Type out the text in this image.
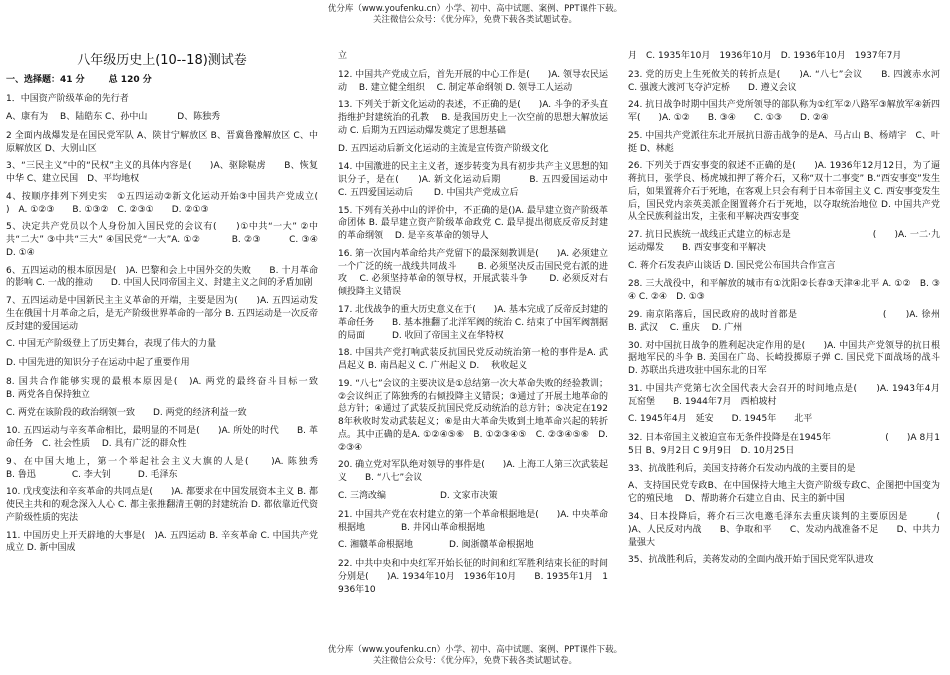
优分库（www.youfenku.cn）小学、初中、高中试题、案例、PPT课件下载。
关注微信公众号：《优分库》，免费下载各类试题试卷。
八年级历史上(10--18)测试卷
一、选择题：41 分	总 120 分
1．中国资产阶级革命的先行者
A、康有为　 B、陆皓东 C、孙中山　　　 D、陈独秀
2 全面内战爆发是在国民党军队 A、陕甘宁解放区 B、晋冀鲁豫解放区 C、中原解放区 D、大别山区
3、“三民主义”中的“民权”主义的具体内容是(　　)A、驱除鞑虏　　B、恢复中华 C、建立民国　D、平均地权
4、按顺序排列下列史实　①五四运动②新文化运动开始③中国共产党成立(　　)　A. ①②③　　B. ①③②　C. ②③①　　D. ②①③
5、决定共产党员以个人身份加入国民党的会议有(　　)①中共“一大” ②中共“二大” ③中共“三大” ④国民党“一大”A. ①②　　　 B. ②③　　　C. ③④　　　D. ①④
6、五四运动的根本原因是(　)A. 巴黎和会上中国外交的失败　　B. 十月革命的影响 C. 一战的推动　　D. 中国人民同帝国主义、封建主义之间的矛盾加剧
7、五四运动是中国新民主主义革命的开端，主要是因为(　　)A. 五四运动发生在俄国十月革命之后，是无产阶级世界革命的一部分 B. 五四运动是一次反帝反封建的爱国运动
C. 中国无产阶级登上了历史舞台，表现了伟大的力量
D. 中国先进的知识分子在运动中起了重要作用
8. 国共合作能够实现的最根本原因是(　)A. 两党的最终奋斗目标一致　　　　B. 两党各自保持独立
C. 两党在该阶段的政治纲领一致　　D. 两党的经济利益一致
10. 五四运动与辛亥革命相比，最明显的不同是(　　)A. 所处的时代　　B. 革命任务　C. 社会性质　 D. 具有广泛的群众性
9、在中国大地上，第一个举起社会主义大旗的人是(　　)A. 陈独秀　　　　B. 鲁迅　　　　C. 李大钊　　　D. 毛泽东
10. 戊戌变法和辛亥革命的共同点是(　　)A. 都要求在中国发展资本主义 B. 都使民主共和的观念深入人心 C. 都主张推翻清王朝的封建统治 D. 都依靠近代资产阶级性质的宪法
11. 中国历史上开天辟地的大事是(　)A. 五四运动 B. 辛亥革命 C. 中国共产党成立 D. 新中国成
立
12. 中国共产党成立后，首先开展的中心工作是(　　)A. 领导农民运动　 B. 建立健全组织　 C. 制定革命纲领 D. 领导工人运动
13. 下列关于新文化运动的表述，不正确的是(　　)A. 斗争的矛头直指维护封建统治的孔教　 B. 是我国历史上一次空前的思想大解放运动 C. 后期为五四运动爆发奠定了思想基础
D. 五四运动后新文化运动的主流是宣传资产阶级文化
14. 中国激进的民主主义者，逐步转变为具有初步共产主义思想的知识分子，是在(　　)A. 新文化运动后期　　　B. 五四爱国运动中　C. 五四爱国运动后　　 D. 中国共产党成立后
15. 下列有关孙中山的评价中，不正确的是()A. 最早建立资产阶级革命团体 B. 最早建立资产阶级革命政党 C. 最早提出彻底反帝反封建的革命纲领　 D. 是辛亥革命的领导人
16. 第一次国内革命给共产党留下的最深刻教训是(　　)A. 必须建立一个广泛的统一战线共同战斗　　 B. 必须坚决反击国民党右派的进攻　 C. 必须坚持革命的领导权，开展武装斗争　　 D. 必须反对右倾投降主义错误
17. 北伐战争的重大历史意义在于(　　)A. 基本完成了反帝反封建的革命任务　　B. 基本推翻了北洋军阀的统治 C. 结束了中国军阀割据的局面　　　D. 收回了帝国主义在华特权
18. 中国共产党打响武装反抗国民党反动统治第一枪的事件是A. 武昌起义 B. 南昌起义 C. 广州起义 D. 　秋收起义
19. “八七”会议的主要决议是①总结第一次大革命失败的经验教训；②会议纠正了陈独秀的右倾投降主义错误；③通过了开展土地革命的总方针；④通过了武装反抗国民党反动统治的总方针；⑤决定在1928年秋收时发动武装起义；⑥是由大革命失败到土地革命兴起的转折点。其中正确的是A. ①②④⑤⑥　B. ①②③④⑤　C. ②③④⑤⑥　D. ②③④
20. 确立党对军队绝对领导的事件是(　　)A. 上海工人第三次武装起义　　B. “八七”会议
C. 三湾改编　　　　　　D. 文家市决策
21. 中国共产党在农村建立的第一个革命根据地是(　　)A. 中央革命根据地　　　　B. 井冈山革命根据地
C. 湘赣革命根据地　　　　D. 闽浙赣革命根据地
22. 中共中央和中央红军开始长征的时间和红军胜利结束长征的时间分别是(　　)A. 1934年10月　1936年10月　　B. 1935年1月　1936年10
月　C. 1935年10月　1936年10月　D. 1936年10月　1937年7月
23. 党的历史上生死攸关的转折点是(　　)A. “八七”会议　　B. 四渡赤水河　C. 强渡大渡河飞夺泸定桥　　D. 遵义会议
24. 抗日战争时期中国共产党所领导的部队称为①红军②八路军③解放军④新四军(　　)A. ①②　　B. ③④　　C. ①③　　D. ②④
25. 中国共产党派往东北开展抗日游击战争的是A、马占山 B、杨靖宇　C、叶挺 D、林彪
26. 下列关于西安事变的叙述不正确的是(　　)A. 1936年12月12日，为了逼蒋抗日，张学良、杨虎城扣押了蒋介石，又称“双十二事变” B.“西安事变”发生后，如果置蒋介石于死地，在客观上只会有利于日本帝国主义 C. 西安事变发生后，国民党内亲英美派企图置蒋介石于死地，以夺取统治地位 D. 中国共产党从全民族利益出发，主张和平解决西安事变
27. 抗日民族统一战线正式建立的标志是　　　　　　　　　(　　)A. 一二·九运动爆发　　B. 西安事变和平解决
C. 蒋介石发表庐山谈话 D. 国民党公布国共合作宣言
28. 三大战役中，和平解放的城市有①沈阳②长春③天津④北平 A. ①②　B. ③④ C. ②④　D. ①③
29. 南京陷落后，国民政府的战时首都是　　　　　　　　　(　　)A. 徐州　 B. 武汉　 C. 重庆　 D. 广州
30. 对中国抗日战争的胜利起决定作用的是(　　)A. 中国共产党领导的抗日根据地军民的斗争 B. 美国在广岛、长崎投掷原子弹 C. 国民党下面战场的战斗　　　　D. 苏联出兵进攻驻中国东北的日军
31. 中国共产党第七次全国代表大会召开的时间地点是(　　)A. 1943年4月　瓦窑堡　　B. 1944年7月　西柏坡村
C. 1945年4月　延安　　D. 1945年　　北平
32. 日本帝国主义被迫宣布无条件投降是在1945年　　　　　　(　　)A 8月15日 B、9月2日 C 9月9日　D. 10月25日
33、抗战胜利后，美国支持蒋介石发动内战的主要目的是
A、支持国民党专政B、在中国保持大地主大资产阶级专政C、企图把中国变为它的殖民地　 D、帮助蒋介石建立自由、民主的新中国
34、日本投降后，蒋介石三次电邀毛泽东去重庆谈判的主要原因是　　　(　　)A、人民反对内战　　B、争取和平　　C、发动内战准备不足　　D、中共力量强大
35、抗战胜利后，美蒋发动的全面内战开始于国民党军队进攻
优分库（www.youfenku.cn）小学、初中、高中试题、案例、PPT课件下载。
关注微信公众号：《优分库》，免费下载各类试题试卷。
